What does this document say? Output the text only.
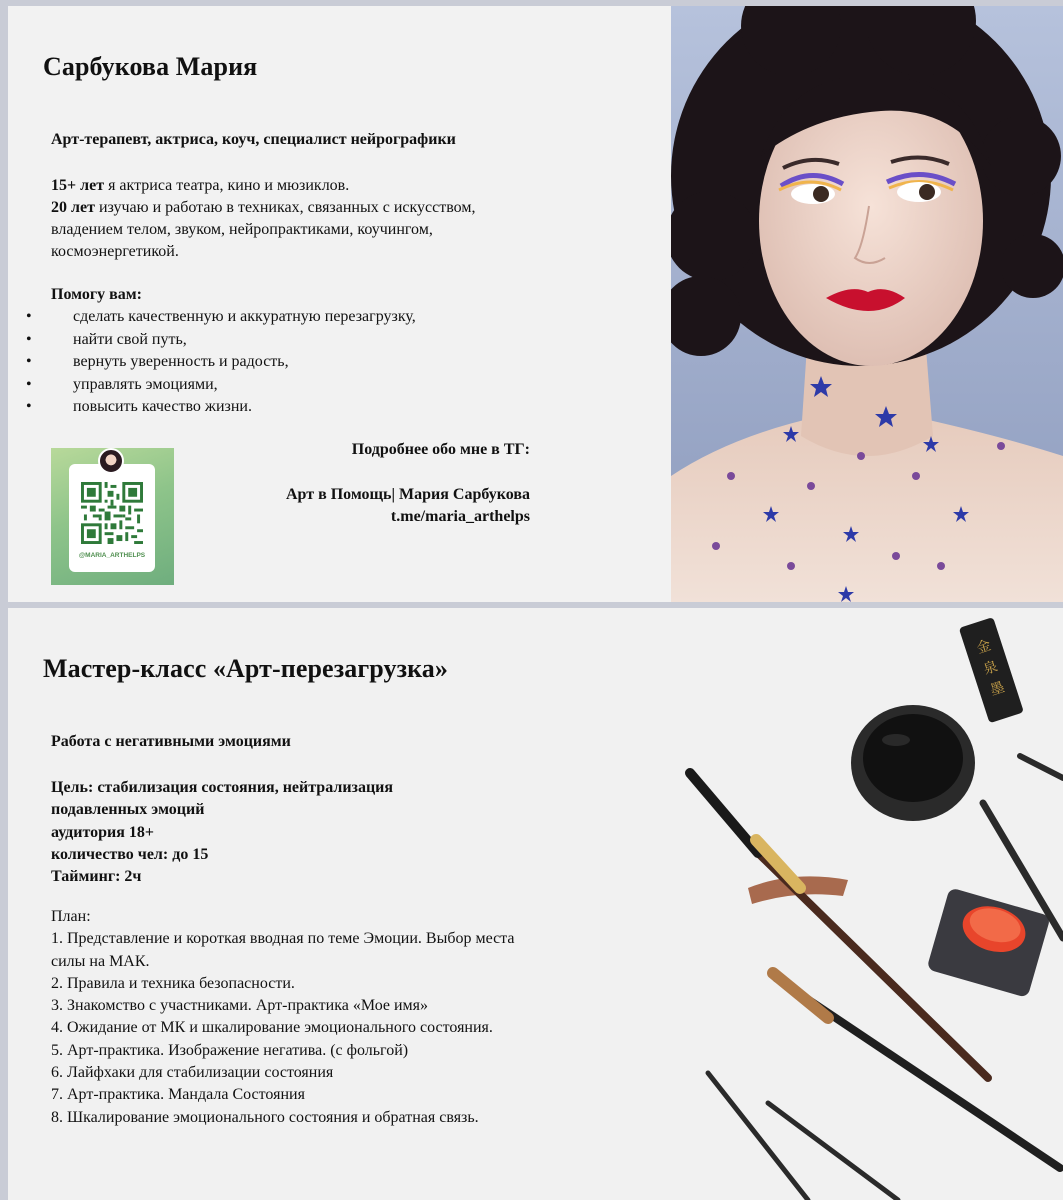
Сарбукова Мария
Арт-терапевт, актриса, коуч, специалист нейрографики
15+ лет я актриса театра, кино и мюзиклов.
20 лет изучаю и работаю в техниках, связанных с искусством, владением телом, звуком, нейропрактиками, коучингом, космоэнергетикой.
Помогу вам:
•	сделать качественную и аккуратную перезагрузку,
•	найти свой путь,
•	вернуть уверенность и радость,
•	управлять эмоциями,
•	повысить качество жизни.
Подробнее обо мне в ТГ:
Арт в Помощь| Мария Сарбукова
t.me/maria_arthelps
@MARIA_ARTHELPS
Мастер-класс «Арт-перезагрузка»
Работа с негативными эмоциями
Цель: стабилизация состояния, нейтрализация
подавленных эмоций
аудитория 18+
количество чел: до 15
Тайминг: 2ч
План:
1. Представление и короткая вводная по теме Эмоции. Выбор места силы на МАК.
2. Правила и техника безопасности.
3. Знакомство с участниками. Арт-практика «Мое имя»
4. Ожидание от МК и шкалирование эмоционального состояния.
5. Арт-практика. Изображение негатива. (с фольгой)
6. Лайфхаки для стабилизации состояния
7. Арт-практика. Мандала Состояния
8. Шкалирование эмоционального состояния и обратная связь.
金
泉
墨
